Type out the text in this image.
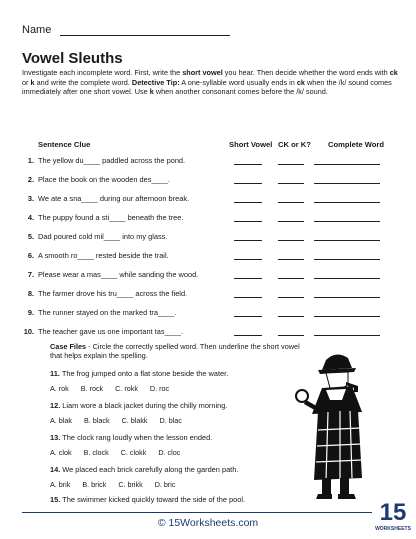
Name
Vowel Sleuths
Investigate each incomplete word. First, write the short vowel you hear. Then decide whether the word ends with ck or k and write the complete word. Detective Tip: A one-syllable word usually ends in ck when the /k/ sound comes immediately after one short vowel. Use k when another consonant comes before the /k/ sound.
Sentence Clue	Short Vowel CK or K? Complete Word
1. The yellow du____ paddled across the pond.
2. Place the book on the wooden des____.
3. We ate a sna____ during our afternoon break.
4. The puppy found a sti____ beneath the tree.
5. Dad poured cold mil____ into my glass.
6. A smooth ro____ rested beside the trail.
7. Please wear a mas____ while sanding the wood.
8. The farmer drove his tru____ across the field.
9. The runner stayed on the marked tra____.
10. The teacher gave us one important tas____.
Case Files - Circle the correctly spelled word. Then underline the short vowel that helps explain the spelling.
11. The frog jumped onto a flat stone beside the water.
A. rok B. rock C. rokk D. roc
12. Liam wore a black jacket during the chilly morning.
A. blak B. black C. blakk D. blac
13. The clock rang loudly when the lesson ended.
A. clok B. clock C. clokk D. cloc
14. We placed each brick carefully along the garden path.
A. brik B. brick C. brikk D. bric
15. The swimmer kicked quickly toward the side of the pool.
© 15Worksheets.com	15
WORKSHEETS
